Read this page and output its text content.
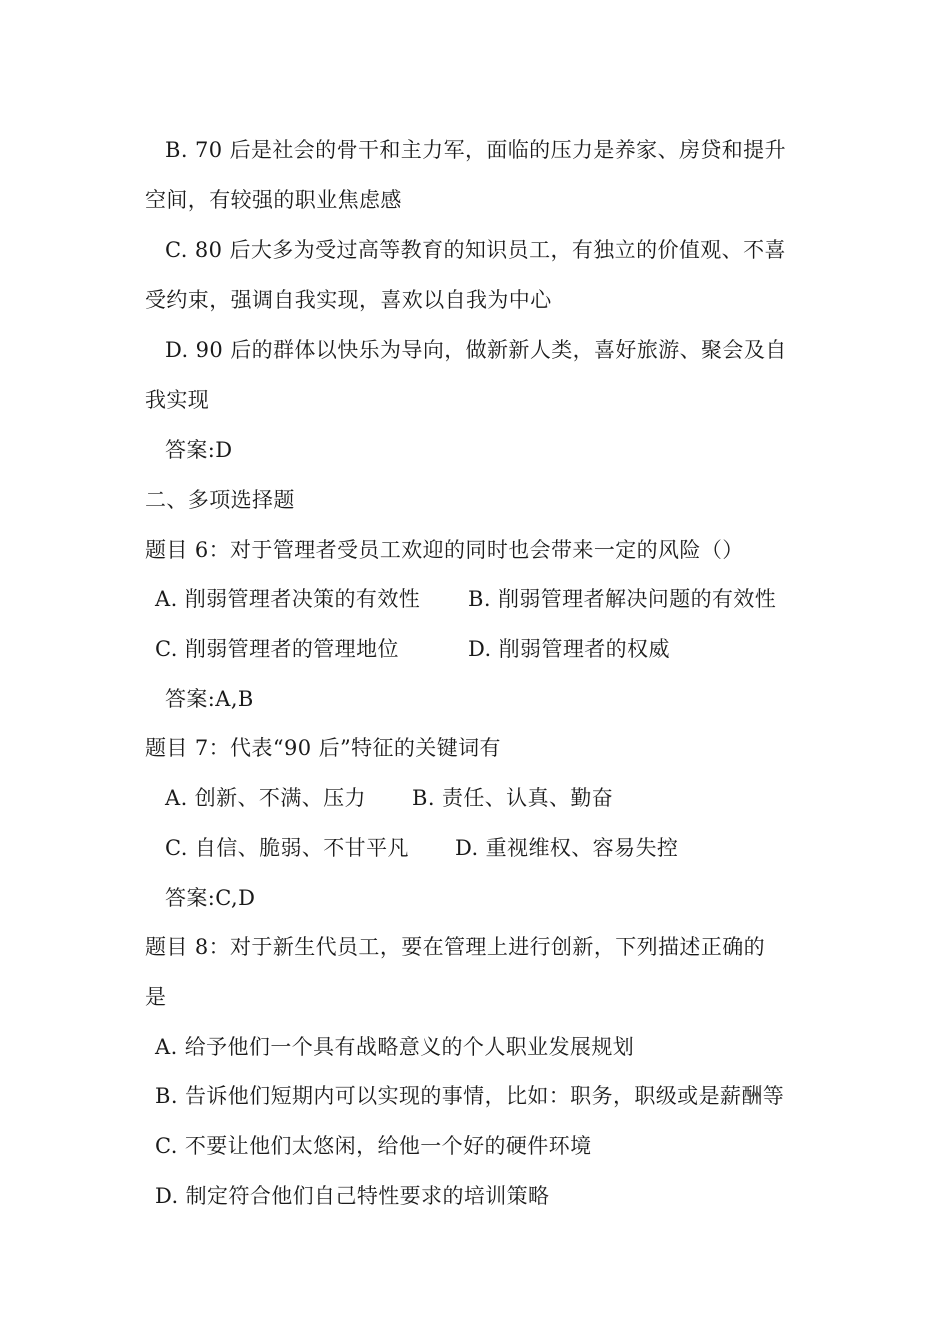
B. 70 后是社会的骨干和主力军，面临的压力是养家、房贷和提升
空间，有较强的职业焦虑感
C. 80 后大多为受过高等教育的知识员工，有独立的价值观、不喜
受约束，强调自我实现，喜欢以自我为中心
D. 90 后的群体以快乐为导向，做新新人类，喜好旅游、聚会及自
我实现
答案:D
二、多项选择题
题目 6：对于管理者受员工欢迎的同时也会带来一定的风险（）
A. 削弱管理者决策的有效性 B. 削弱管理者解决问题的有效性
C. 削弱管理者的管理地位	D. 削弱管理者的权威
答案:A,B
题目 7：代表“90 后”特征的关键词有
A. 创新、不满、压力 B. 责任、认真、勤奋
C. 自信、脆弱、不甘平凡 D. 重视维权、容易失控
答案:C,D
题目 8：对于新生代员工，要在管理上进行创新，下列描述正确的
是
A. 给予他们一个具有战略意义的个人职业发展规划
B. 告诉他们短期内可以实现的事情，比如：职务，职级或是薪酬等
C. 不要让他们太悠闲，给他一个好的硬件环境
D. 制定符合他们自己特性要求的培训策略
